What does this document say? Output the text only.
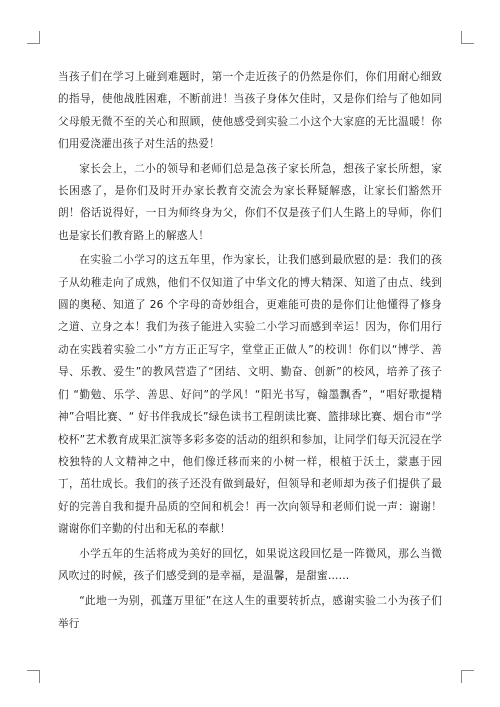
当孩子们在学习上碰到难题时，第一个走近孩子的仍然是你们，你们用耐心细致的指导，使他战胜困难，不断前进！当孩子身体欠佳时，又是你们给与了他如同父母般无微不至的关心和照顾，使他感受到实验二小这个大家庭的无比温暖！你们用爱浇灌出孩子对生活的热爱！

家长会上，二小的领导和老师们总是急孩子家长所急，想孩子家长所想，家长困惑了，是你们及时开办家长教育交流会为家长释疑解惑，让家长们豁然开朗！俗话说得好，一日为师终身为父，你们不仅是孩子们人生路上的导师，你们也是家长们教育路上的解惑人！

在实验二小学习的这五年里，作为家长，让我们感到最欣慰的是：我们的孩子从幼稚走向了成熟，他们不仅知道了中华文化的博大精深、知道了由点、线到圆的奥秘、知道了 26 个字母的奇妙组合，更难能可贵的是你们让他懂得了修身之道、立身之本！我们为孩子能进入实验二小学习而感到幸运！因为，你们用行动在实践着实验二小”方方正正写字，堂堂正正做人”的校训！你们以“博学、善导、乐教、爱生”的教风营造了“团结、文明、勤奋、创新”的校风，培养了孩子们 “勤勉、乐学、善思、好问”的学风！“阳光书写，翰墨飘香”，“唱好歌提精神”合唱比赛、“ 好书伴我成长”绿色读书工程朗读比赛、篮排球比赛、烟台市“学校杯”艺术教育成果汇演等多彩多姿的活动的组织和参加，让同学们每天沉浸在学校独特的人文精神之中，他们像迁移而来的小树一样，根植于沃土，蒙惠于园丁，茁壮成长。我们的孩子还没有做到最好，但领导和老师却为孩子们提供了最好的完善自我和提升品质的空间和机会！再一次向领导和老师们说一声：谢谢！谢谢你们辛勤的付出和无私的奉献！

小学五年的生活将成为美好的回忆，如果说这段回忆是一阵微风，那么当微风吹过的时候，孩子们感受到的是幸福，是温馨，是甜蜜……

“此地一为别，孤蓬万里征”在这人生的重要转折点，感谢实验二小为孩子们举行
